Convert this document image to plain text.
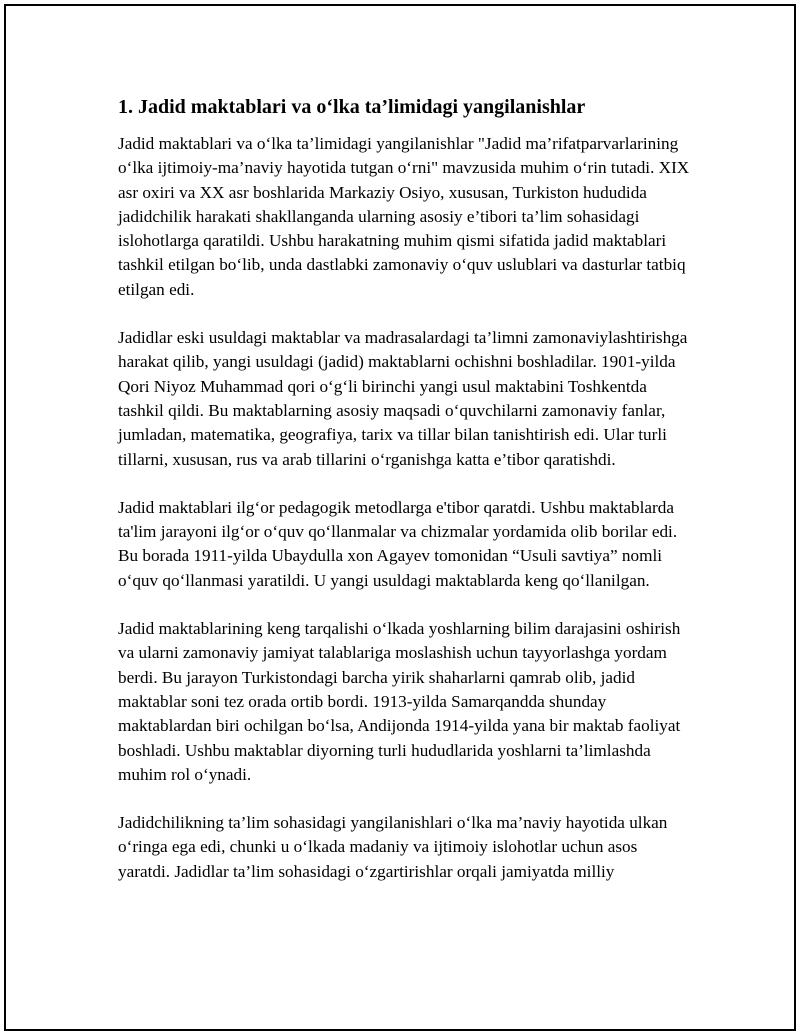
1. Jadid maktablari va o‘lka ta’limidagi yangilanishlar

Jadid maktablari va o‘lka ta’limidagi yangilanishlar "Jadid ma’rifatparvarlarining o‘lka ijtimoiy-ma’naviy hayotida tutgan o‘rni" mavzusida muhim o‘rin tutadi. XIX asr oxiri va XX asr boshlarida Markaziy Osiyo, xususan, Turkiston hududida jadidchilik harakati shakllanganda ularning asosiy e’tibori ta’lim sohasidagi islohotlarga qaratildi. Ushbu harakatning muhim qismi sifatida jadid maktablari tashkil etilgan bo‘lib, unda dastlabki zamonaviy o‘quv uslublari va dasturlar tatbiq etilgan edi.

Jadidlar eski usuldagi maktablar va madrasalardagi ta’limni zamonaviylashtirishga harakat qilib, yangi usuldagi (jadid) maktablarni ochishni boshladilar. 1901-yilda Qori Niyoz Muhammad qori o‘g‘li birinchi yangi usul maktabini Toshkentda tashkil qildi. Bu maktablarning asosiy maqsadi o‘quvchilarni zamonaviy fanlar, jumladan, matematika, geografiya, tarix va tillar bilan tanishtirish edi. Ular turli tillarni, xususan, rus va arab tillarini o‘rganishga katta e’tibor qaratishdi.

Jadid maktablari ilg‘or pedagogik metodlarga e'tibor qaratdi. Ushbu maktablarda ta'lim jarayoni ilg‘or o‘quv qo‘llanmalar va chizmalar yordamida olib borilar edi. Bu borada 1911-yilda Ubaydulla xon Agayev tomonidan “Usuli savtiya” nomli o‘quv qo‘llanmasi yaratildi. U yangi usuldagi maktablarda keng qo‘llanilgan.

Jadid maktablarining keng tarqalishi o‘lkada yoshlarning bilim darajasini oshirish va ularni zamonaviy jamiyat talablariga moslashish uchun tayyorlashga yordam berdi. Bu jarayon Turkistondagi barcha yirik shaharlarni qamrab olib, jadid maktablar soni tez orada ortib bordi. 1913-yilda Samarqandda shunday maktablardan biri ochilgan bo‘lsa, Andijonda 1914-yilda yana bir maktab faoliyat boshladi. Ushbu maktablar diyorning turli hududlarida yoshlarni ta’limlashda muhim rol o‘ynadi.

Jadidchilikning ta’lim sohasidagi yangilanishlari o‘lka ma’naviy hayotida ulkan o‘ringa ega edi, chunki u o‘lkada madaniy va ijtimoiy islohotlar uchun asos yaratdi. Jadidlar ta’lim sohasidagi o‘zgartirishlar orqali jamiyatda milliy
